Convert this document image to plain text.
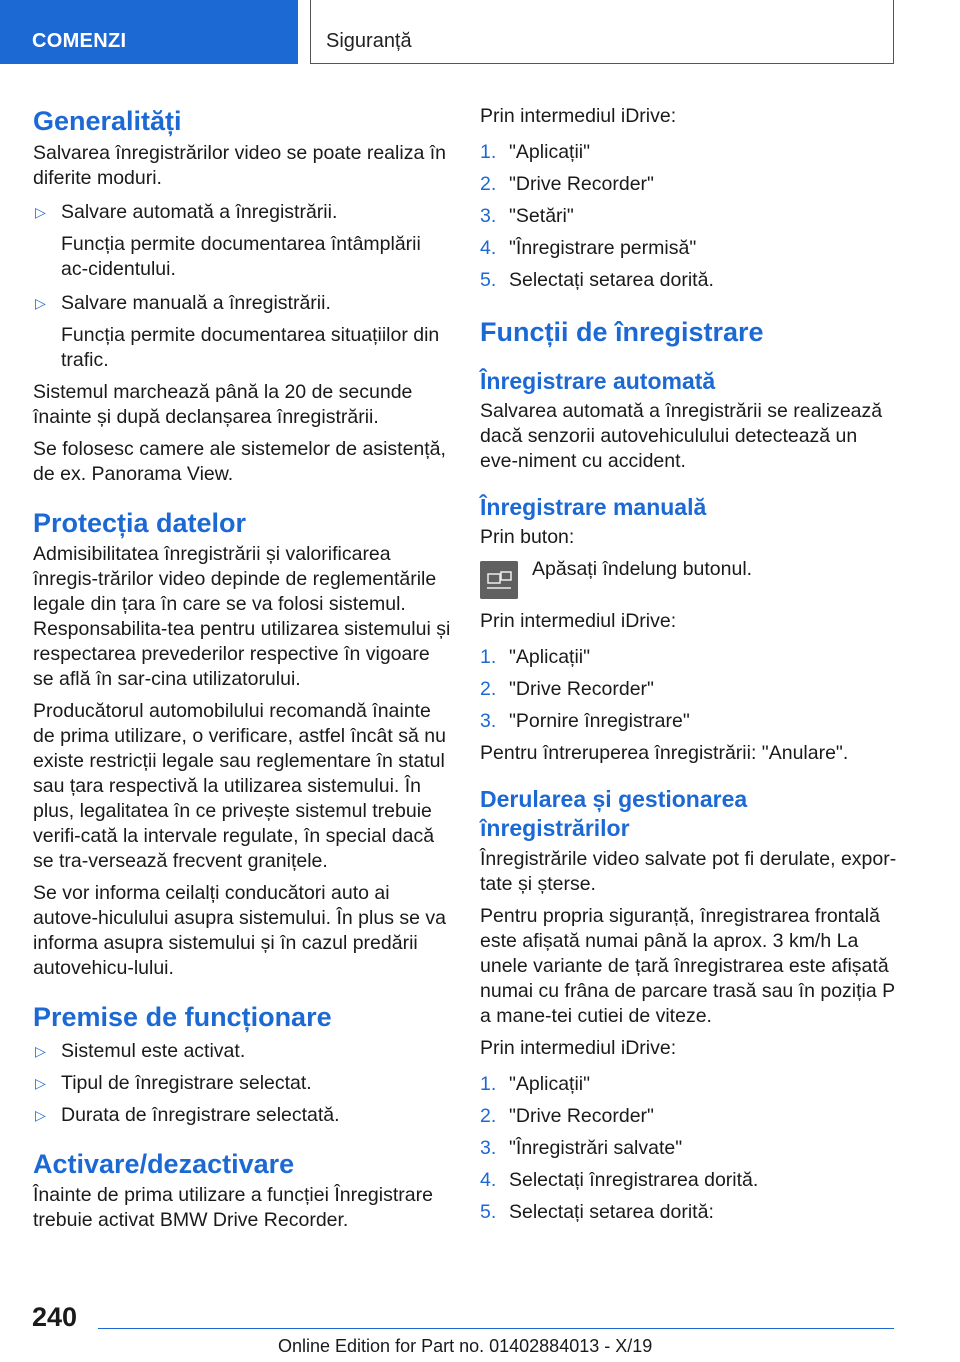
COMENZI	Siguranță
Generalități

Salvarea înregistrărilor video se poate realiza în diferite moduri.

▷ Salvare automată a înregistrării.

Funcția permite documentarea întâmplării ac-cidentului.

▷ Salvare manuală a înregistrării.

Funcția permite documentarea situațiilor din trafic.

Sistemul marchează până la 20 de secunde înainte și după declanșarea înregistrării.

Se folosesc camere ale sistemelor de asistență, de ex. Panorama View.

Protecția datelor

Admisibilitatea înregistrării și valorificarea înregis-trărilor video depinde de reglementările legale din țara în care se va folosi sistemul. Responsabilita-tea pentru utilizarea sistemului și respectarea prevederilor respective în vigoare se află în sar-cina utilizatorului.

Producătorul automobilului recomandă înainte de prima utilizare, o verificare, astfel încât să nu existe restricții legale sau reglementare în statul sau țara respectivă la utilizarea sistemului. În plus, legalitatea în ce privește sistemul trebuie verifi-cată la intervale regulate, în special dacă se tra-versează frecvent granițele.

Se vor informa ceilalți conducători auto ai autove-hiculului asupra sistemului. În plus se va informa asupra sistemului și în cazul predării autovehicu-lului.

Premise de funcționare
▷ Sistemul este activat.
▷ Tipul de înregistrare selectat.
▷ Durata de înregistrare selectată.
Activare/dezactivare

Înainte de prima utilizare a funcției Înregistrare trebuie activat BMW Drive Recorder.

Prin intermediul iDrive:

1. "Aplicații"
2. "Drive Recorder"
3. "Setări"
4. "Înregistrare permisă"
5. Selectați setarea dorită.
Funcții de înregistrare
Înregistrare automată

Salvarea automată a înregistrării se realizează dacă senzorii autovehiculului detectează un eve-niment cu accident.

Înregistrare manuală

Prin buton:

Apăsați îndelung butonul.

Prin intermediul iDrive:

1. "Aplicații"
2. "Drive Recorder"
3. "Pornire înregistrare"

Pentru întreruperea înregistrării: "Anulare".

Derularea și gestionarea înregistrărilor

Înregistrările video salvate pot fi derulate, expor-tate și șterse.

Pentru propria siguranță, înregistrarea frontală este afișată numai până la aprox. 3 km/h La unele variante de țară înregistrarea este afișată numai cu frâna de parcare trasă sau în poziția P a mane-tei cutiei de viteze.

Prin intermediul iDrive:

1. "Aplicații"
2. "Drive Recorder"
3. "Înregistrări salvate"
4. Selectați înregistrarea dorită.
5. Selectați setarea dorită:
240
Online Edition for Part no. 01402884013 - X/19
